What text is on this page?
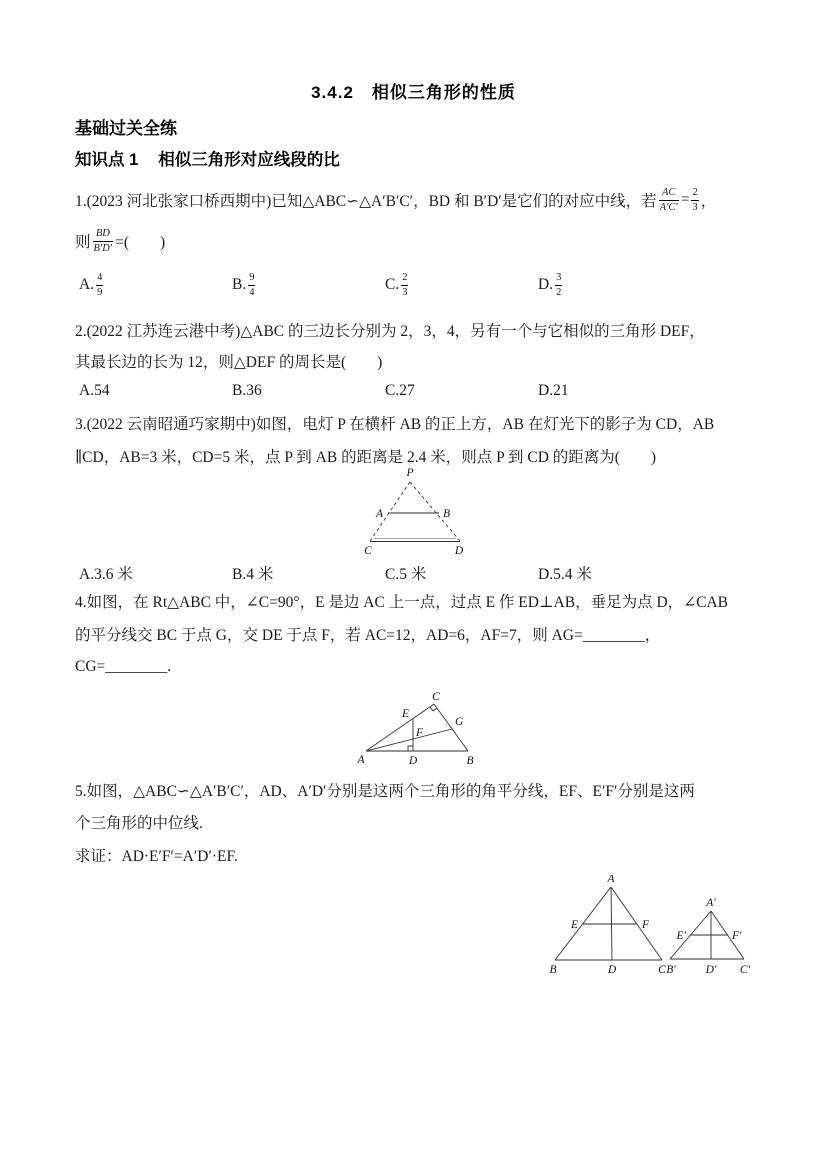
3.4.2　相似三角形的性质
基础过关全练
知识点 1 相似三角形对应线段的比
1.(2023 河北张家口桥西期中)已知△ABC∽△A′B′C′，BD 和 B′D′是它们的对应中线，若 $\frac{AC}{A'C'} = \frac{2}{3}$ ，
则 $\frac{BD}{B'D'}$ =(　　)
A. $\frac{4}{9}$	B. $\frac{9}{4}$	C. $\frac{2}{3}$	D. $\frac{3}{2}$
2.(2022 江苏连云港中考)△ABC 的三边长分别为 2，3，4，另有一个与它相似的三角形 DEF，
其最长边的长为 12，则△DEF 的周长是(　　)
A.54	B.36	C.27	D.21
3.(2022 云南昭通巧家期中)如图，电灯 P 在横杆 AB 的正上方，AB 在灯光下的影子为 CD，AB
∥CD，AB=3 米，CD=5 米，点 P 到 AB 的距离是 2.4 米，则点 P 到 CD 的距离为(　　)
P
A	B
C	D
A.3.6 米	B.4 米	C.5 米	D.5.4 米
4.如图，在 Rt△ABC 中，∠C=90°，E 是边 AC 上一点，过点 E 作 ED⊥AB，垂足为点 D，∠CAB
的平分线交 BC 于点 G，交 DE 于点 F，若 AC=12，AD=6，AF=7，则 AG=________，
CG=________.
A	D	B
C
E
F
G
5.如图，△ABC∽△A′B′C′，AD、A′D′分别是这两个三角形的角平分线，EF、E′F′分别是这两
个三角形的中位线.
求证：AD·E′F′=A′D′·EF.
A
E	F
B	D	C
A′
E′	F′
B′	D′ C′
